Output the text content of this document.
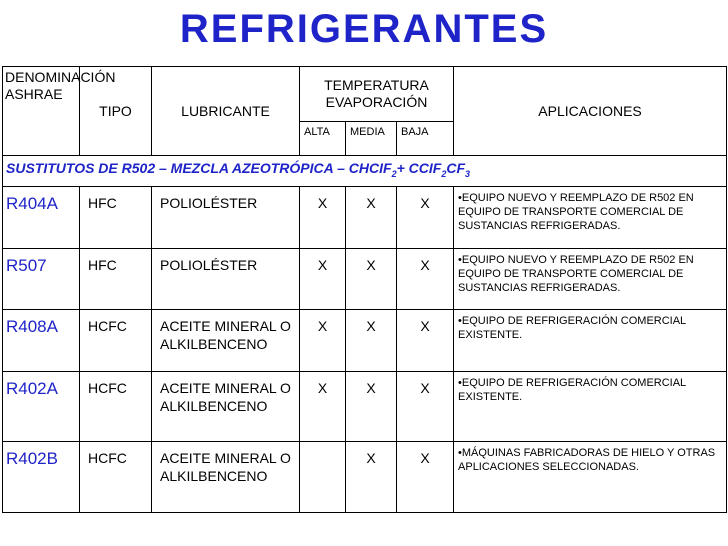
REFRIGERANTES
DENOMINACIÓN ASHRAE	TIPO	LUBRICANTE	TEMPERATURA EVAPORACIÓN			APLICACIONES
			ALTA	MEDIA	BAJA	
SUSTITUTOS DE R502 – MEZCLA AZEOTRÓPICA – $CHCIF_2+$ $CCIF_2CF_3$
R404A	HFC	POLIOLÉSTER	X	X	X	•EQUIPO NUEVO Y REEMPLAZO DE R502 EN EQUIPO DE TRANSPORTE COMERCIAL DE SUSTANCIAS REFRIGERADAS.
R507	HFC	POLIOLÉSTER	X	X	X	•EQUIPO NUEVO Y REEMPLAZO DE R502 EN EQUIPO DE TRANSPORTE COMERCIAL DE SUSTANCIAS REFRIGERADAS.
R408A	HCFC	ACEITE MINERAL O ALKILBENCENO	X	X	X	•EQUIPO DE REFRIGERACIÓN COMERCIAL EXISTENTE.
R402A	HCFC	ACEITE MINERAL O ALKILBENCENO	X	X	X	•EQUIPO DE REFRIGERACIÓN COMERCIAL EXISTENTE.
R402B	HCFC	ACEITE MINERAL O ALKILBENCENO		X	X	•MÁQUINAS FABRICADORAS DE HIELO Y OTRAS APLICACIONES SELECCIONADAS.
